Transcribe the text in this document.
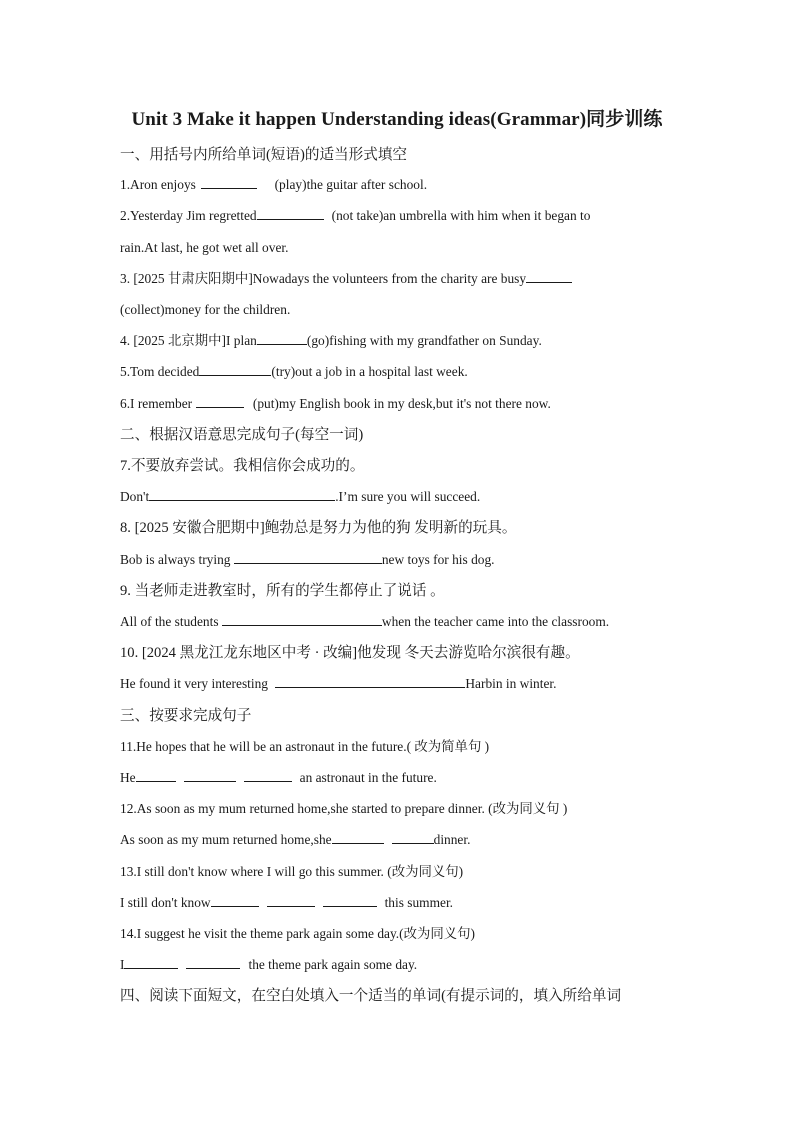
Unit 3 Make it happen Understanding ideas(Grammar)同步训练
一、用括号内所给单词(短语)的适当形式填空
1.Aron enjoys	(play)the guitar after school.
2.Yesterday Jim regretted	(not take)an umbrella with him when it began to
rain.At last, he got wet all over.
3. [2025 甘肃庆阳期中]Nowadays the volunteers from the charity are busy
(collect)money for the children.
4. [2025 北京期中]I plan	(go)fishing with my grandfather on Sunday.
5.Tom decided	(try)out a job in a hospital last week.
6.I remember	(put)my English book in my desk,but it's not there now.
二、根据汉语意思完成句子(每空一词)
7.不要放弃尝试。我相信你会成功的。
Don't	.I’m sure you will succeed.
8. [2025 安徽合肥期中]鲍勃总是努力为他的狗 发明新的玩具。
Bob is always trying	new toys for his dog.
9. 当老师走进教室时，所有的学生都停止了说话 。
All of the students	when the teacher came into the classroom.
10. [2024 黑龙江龙东地区中考 · 改编]他发现 冬天去游览哈尔滨很有趣。
He found it very interesting	Harbin in winter.
三、按要求完成句子
11.He hopes that he will be an astronaut in the future.( 改为简单句 )
He	an astronaut in the future.
12.As soon as my mum returned home,she started to prepare dinner. (改为同义句 )
As soon as my mum returned home,she	dinner.
13.I still don't know where I will go this summer. (改为同义句)
I still don't know	this summer.
14.I suggest he visit the theme park again some day.(改为同义句)
I	the theme park again some day.
四、阅读下面短文，在空白处填入一个适当的单词(有提示词的，填入所给单词
